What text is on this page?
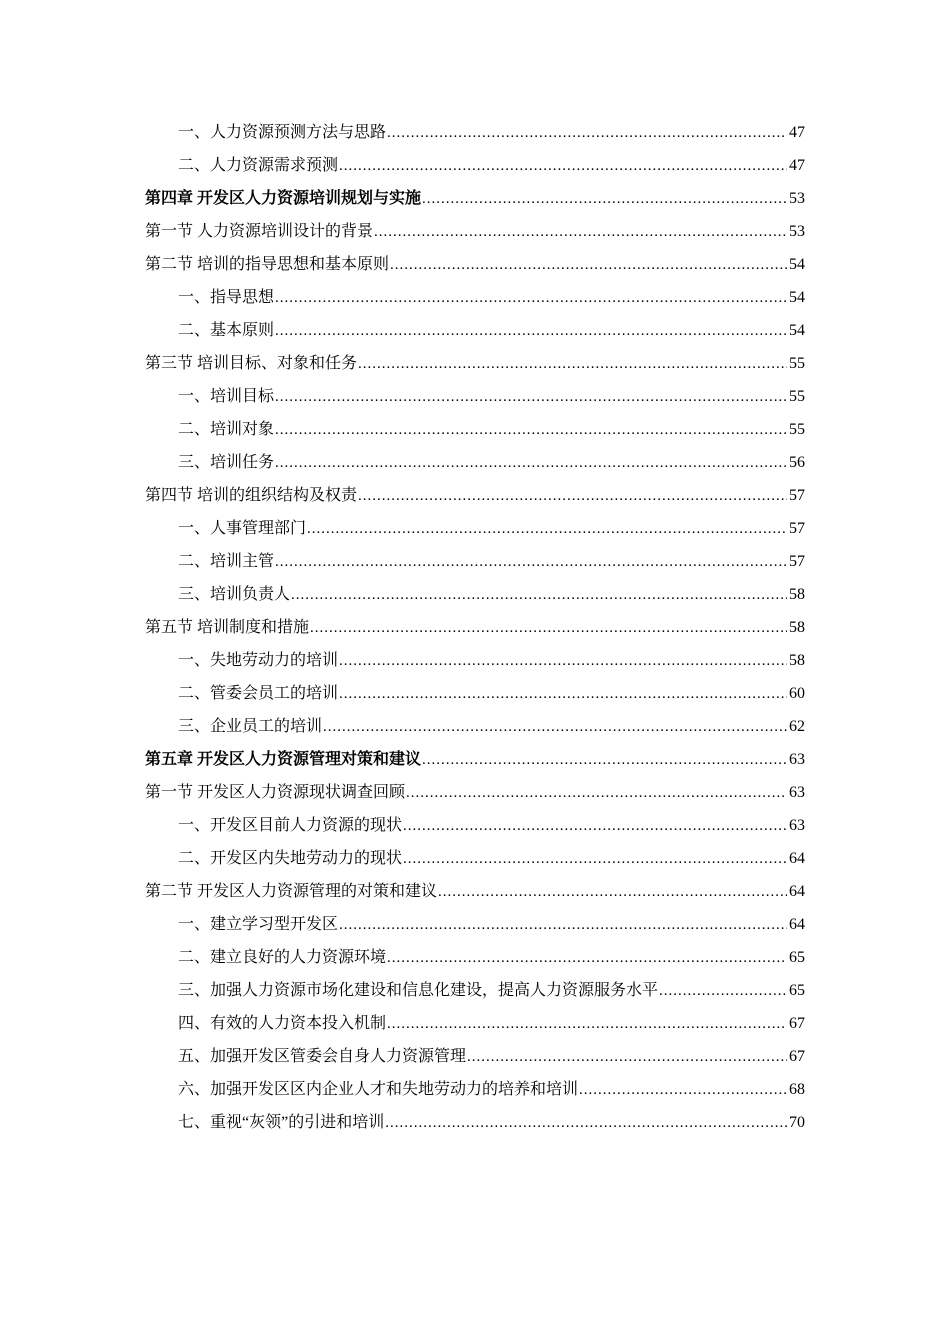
一、人力资源预测方法与思路 .....	47
二、人力资源需求预测 .....	47
第四章 开发区人力资源培训规划与实施 .....	53
第一节 人力资源培训设计的背景 .....	53
第二节 培训的指导思想和基本原则 .....	54
一、指导思想 .....	54
二、基本原则 .....	54
第三节 培训目标、对象和任务 .....	55
一、培训目标 .....	55
二、培训对象 .....	55
三、培训任务 .....	56
第四节 培训的组织结构及权责 .....	57
一、人事管理部门 .....	57
二、培训主管 .....	57
三、培训负责人 .....	58
第五节 培训制度和措施 .....	58
一、失地劳动力的培训 .....	58
二、管委会员工的培训 .....	60
三、企业员工的培训 .....	62
第五章 开发区人力资源管理对策和建议 .....	63
第一节 开发区人力资源现状调查回顾 .....	63
一、开发区目前人力资源的现状 .....	63
二、开发区内失地劳动力的现状 .....	64
第二节 开发区人力资源管理的对策和建议 .....	64
一、建立学习型开发区 .....	64
二、建立良好的人力资源环境 .....	65
三、加强人力资源市场化建设和信息化建设，提高人力资源服务水平 .....	65
四、有效的人力资本投入机制 .....	67
五、加强开发区管委会自身人力资源管理 .....	67
六、加强开发区区内企业人才和失地劳动力的培养和培训 .....	68
七、重视“灰领”的引进和培训 .....	70
